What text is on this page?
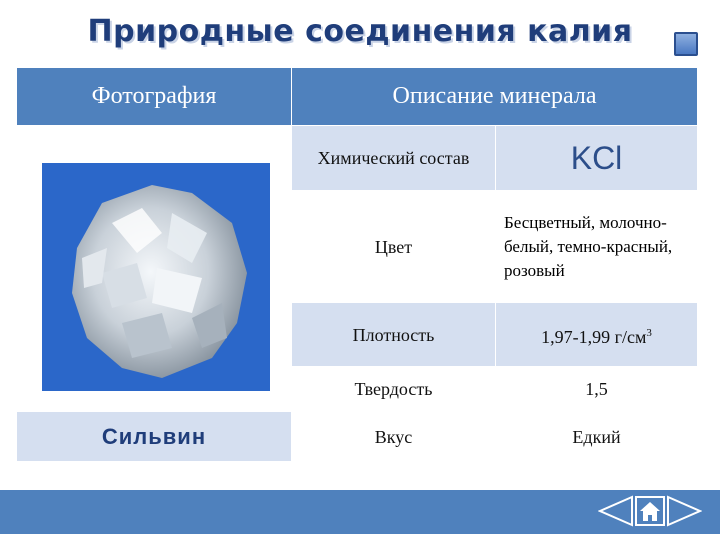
Природные соединения калия
Фотография	Описание минерала	

	Химический состав	KCl
	Цвет	Бесцветный, молочно-белый, темно-красный, розовый
	Плотность	1,97-1,99 $г/см^3$
	Твердость	1,5
Сильвин	Вкус	Едкий
